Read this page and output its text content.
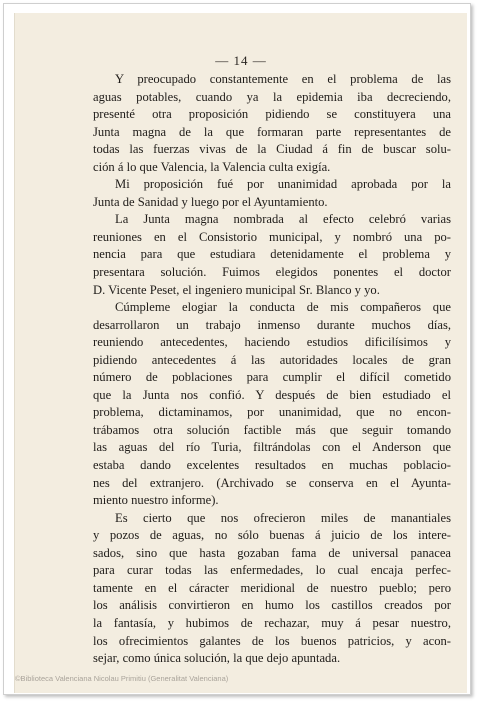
— 14 —
Y preocupado constantemente en el problema de las
aguas potables, cuando ya la epidemia iba decreciendo,
presenté otra proposición pidiendo se constituyera una
Junta magna de la que formaran parte representantes de
todas las fuerzas vivas de la Ciudad á fin de buscar solu-
ción á lo que Valencia, la Valencia culta exigía.
Mi proposición fué por unanimidad aprobada por la
Junta de Sanidad y luego por el Ayuntamiento.
La Junta magna nombrada al efecto celebró varias
reuniones en el Consistorio municipal, y nombró una po-
nencia para que estudiara detenidamente el problema y
presentara solución. Fuimos elegidos ponentes el doctor
D. Vicente Peset, el ingeniero municipal Sr. Blanco y yo.
Cúmpleme elogiar la conducta de mis compañeros que
desarrollaron un trabajo inmenso durante muchos días,
reuniendo antecedentes, haciendo estudios dificilísimos y
pidiendo antecedentes á las autoridades locales de gran
número de poblaciones para cumplir el difícil cometido
que la Junta nos confió. Y después de bien estudiado el
problema, dictaminamos, por unanimidad, que no encon-
trábamos otra solución factible más que seguir tomando
las aguas del río Turia, filtrándolas con el Anderson que
estaba dando excelentes resultados en muchas poblacio-
nes del extranjero. (Archivado se conserva en el Ayunta-
miento nuestro informe).
Es cierto que nos ofrecieron miles de manantiales
y pozos de aguas, no sólo buenas á juicio de los intere-
sados, sino que hasta gozaban fama de universal panacea
para curar todas las enfermedades, lo cual encaja perfec-
tamente en el cáracter meridional de nuestro pueblo; pero
los análisis convirtieron en humo los castillos creados por
la fantasía, y hubimos de rechazar, muy á pesar nuestro,
los ofrecimientos galantes de los buenos patricios, y acon-
sejar, como única solución, la que dejo apuntada.
©Biblioteca Valenciana Nicolau Primitiu (Generalitat Valenciana)
